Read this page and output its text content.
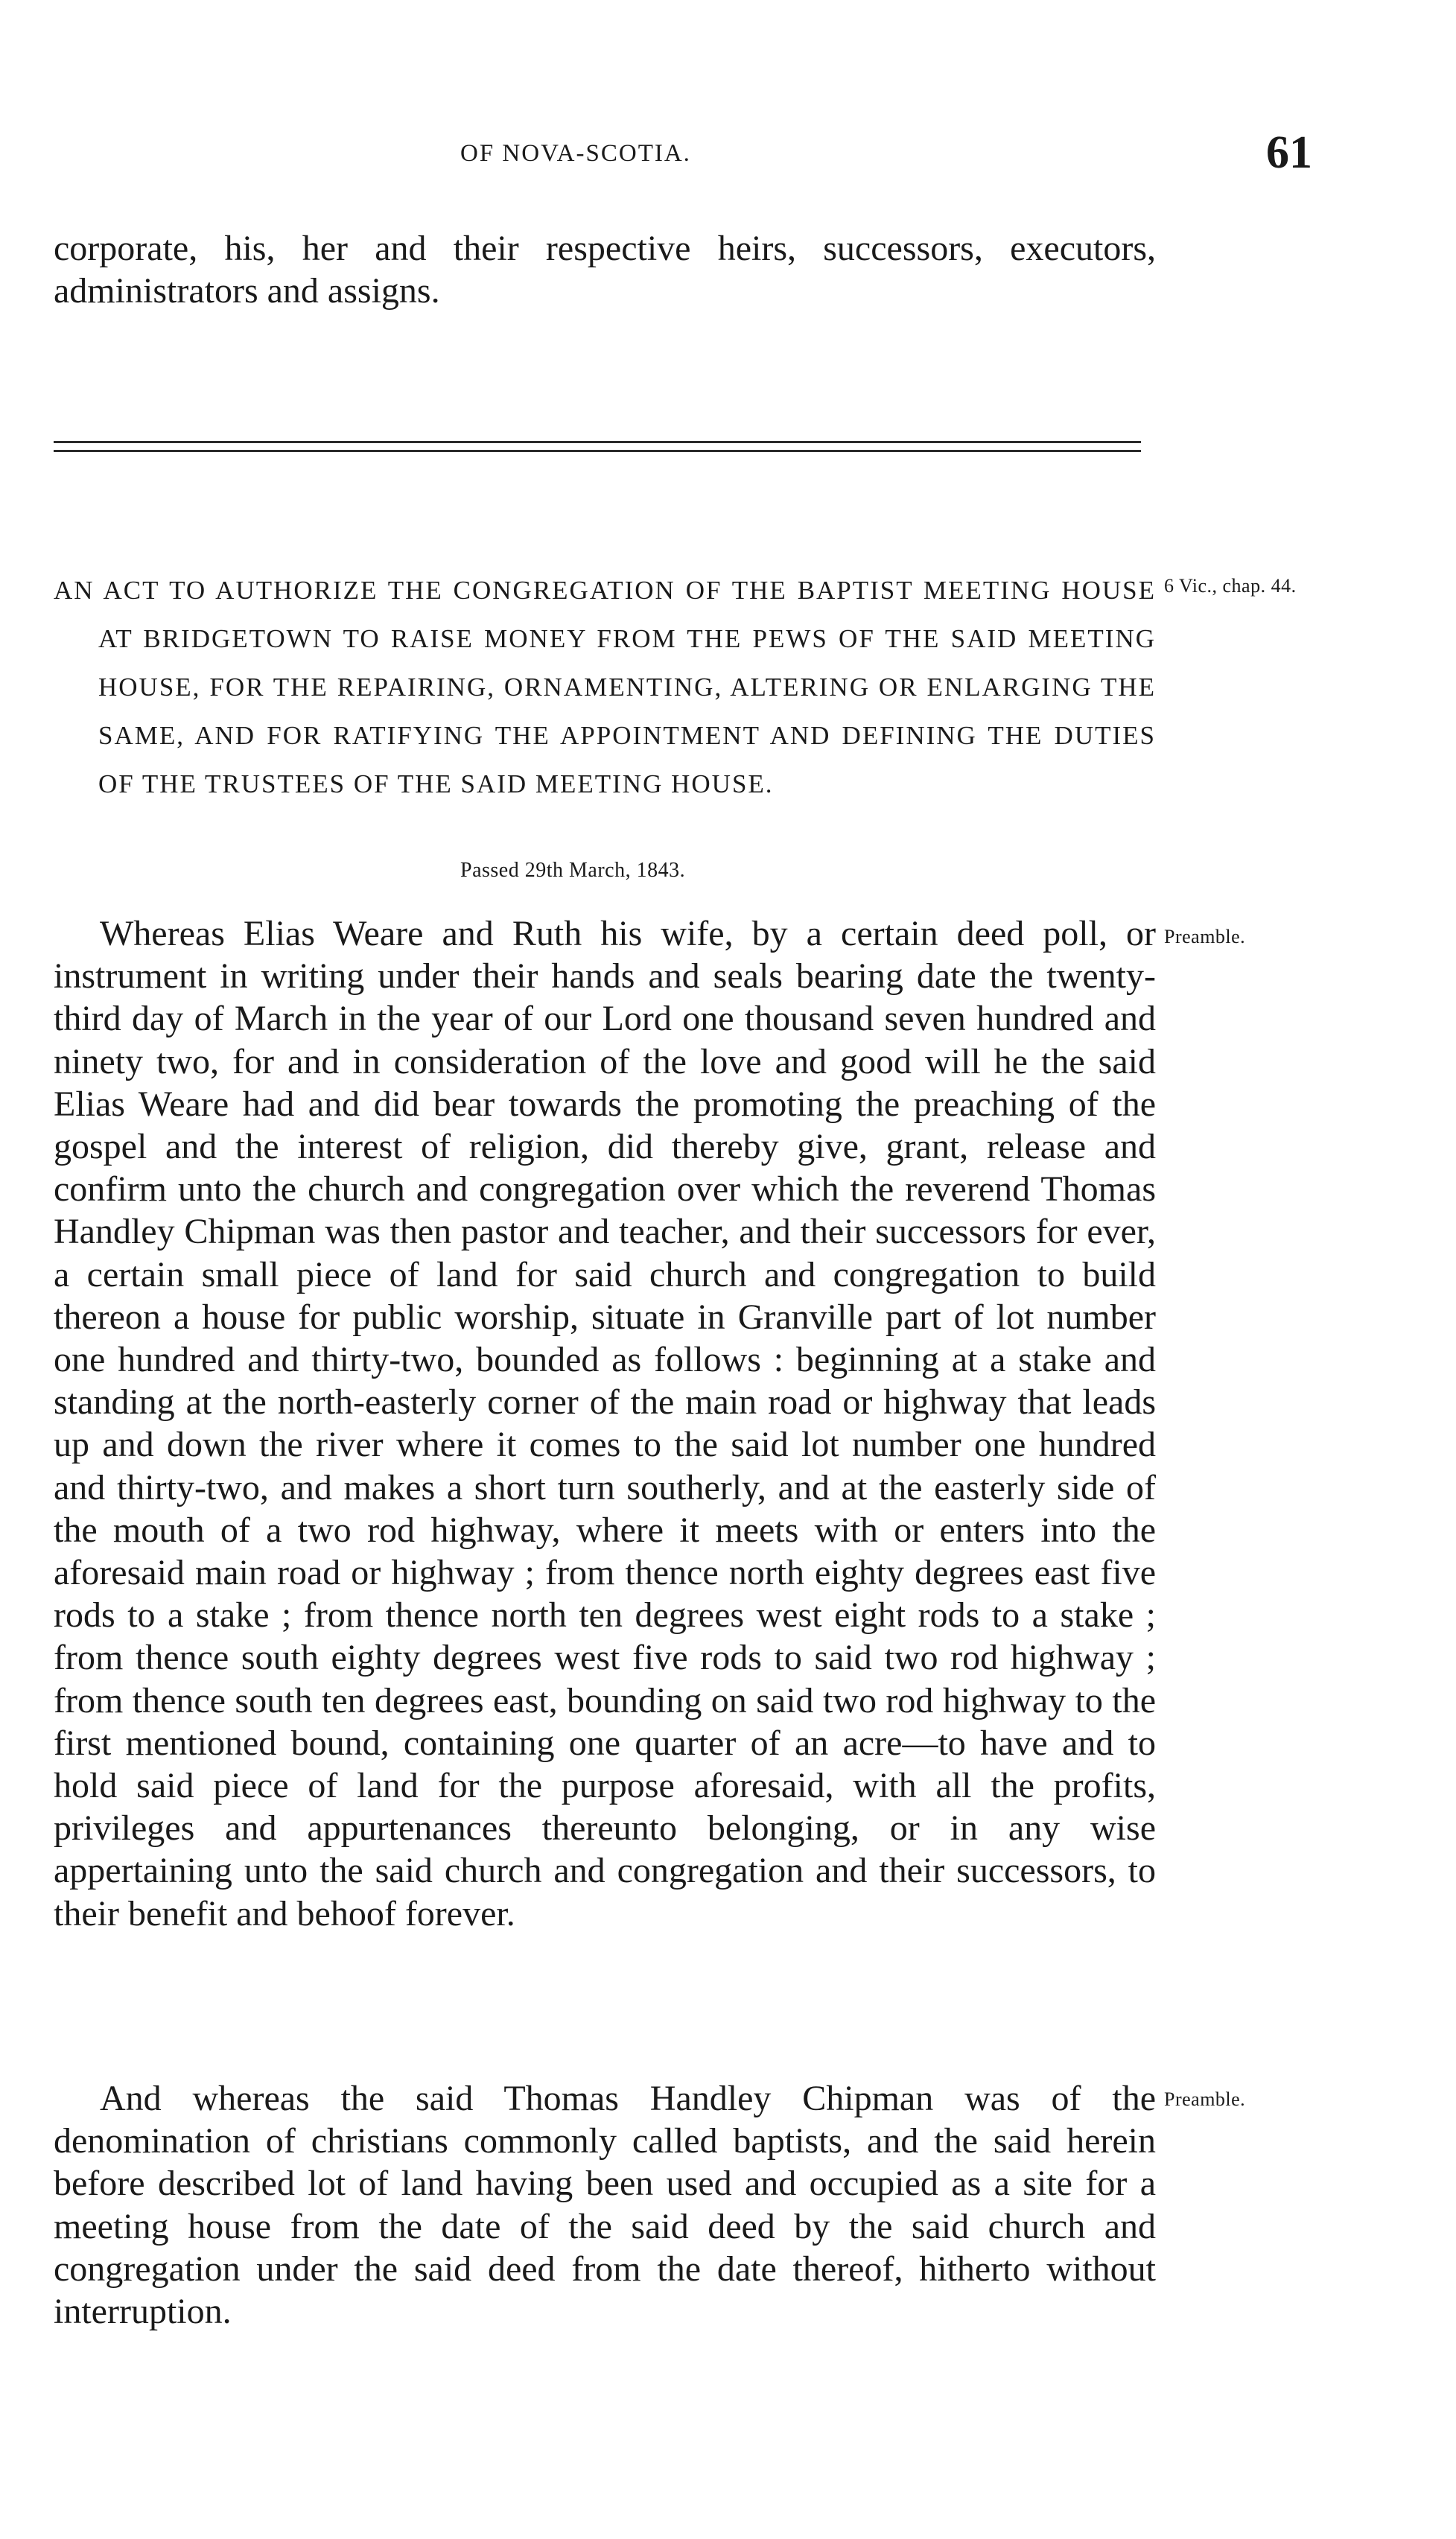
OF NOVA-SCOTIA.	61
corporate, his, her and their respective heirs, successors, executors, administrators and assigns.
AN ACT TO AUTHORIZE THE CONGREGATION OF THE BAPTIST MEETING HOUSE AT BRIDGETOWN TO RAISE MONEY FROM THE PEWS OF THE SAID MEETING HOUSE, FOR THE REPAIRING, ORNAMENTING, ALTERING OR ENLARGING THE SAME, AND FOR RATIFYING THE APPOINTMENT AND DEFINING THE DUTIES OF THE TRUSTEES OF THE SAID MEETING HOUSE.
6 Vic., chap. 44.
Passed 29th March, 1843.
Preamble.
Whereas Elias Weare and Ruth his wife, by a certain deed poll, or instrument in writing under their hands and seals bearing date the twenty-third day of March in the year of our Lord one thousand seven hundred and ninety two, for and in consideration of the love and good will he the said Elias Weare had and did bear towards the promoting the preaching of the gospel and the interest of religion, did thereby give, grant, release and confirm unto the church and congregation over which the reverend Thomas Handley Chipman was then pastor and teacher, and their successors for ever, a certain small piece of land for said church and congregation to build thereon a house for public worship, situate in Granville part of lot number one hundred and thirty-two, bounded as follows : beginning at a stake and standing at the north-easterly corner of the main road or highway that leads up and down the river where it comes to the said lot number one hundred and thirty-two, and makes a short turn southerly, and at the easterly side of the mouth of a two rod highway, where it meets with or enters into the aforesaid main road or highway ; from thence north eighty degrees east five rods to a stake ; from thence north ten degrees west eight rods to a stake ; from thence south eighty degrees west five rods to said two rod highway ; from thence south ten degrees east, bounding on said two rod highway to the first mentioned bound, containing one quarter of an acre—to have and to hold said piece of land for the purpose aforesaid, with all the profits, privileges and appurtenances thereunto belonging, or in any wise appertaining unto the said church and congregation and their successors, to their benefit and behoof forever.
Preamble.
And whereas the said Thomas Handley Chipman was of the denomination of christians commonly called baptists, and the said herein before described lot of land having been used and occupied as a site for a meeting house from the date of the said deed by the said church and congregation under the said deed from the date thereof, hitherto without interruption.
